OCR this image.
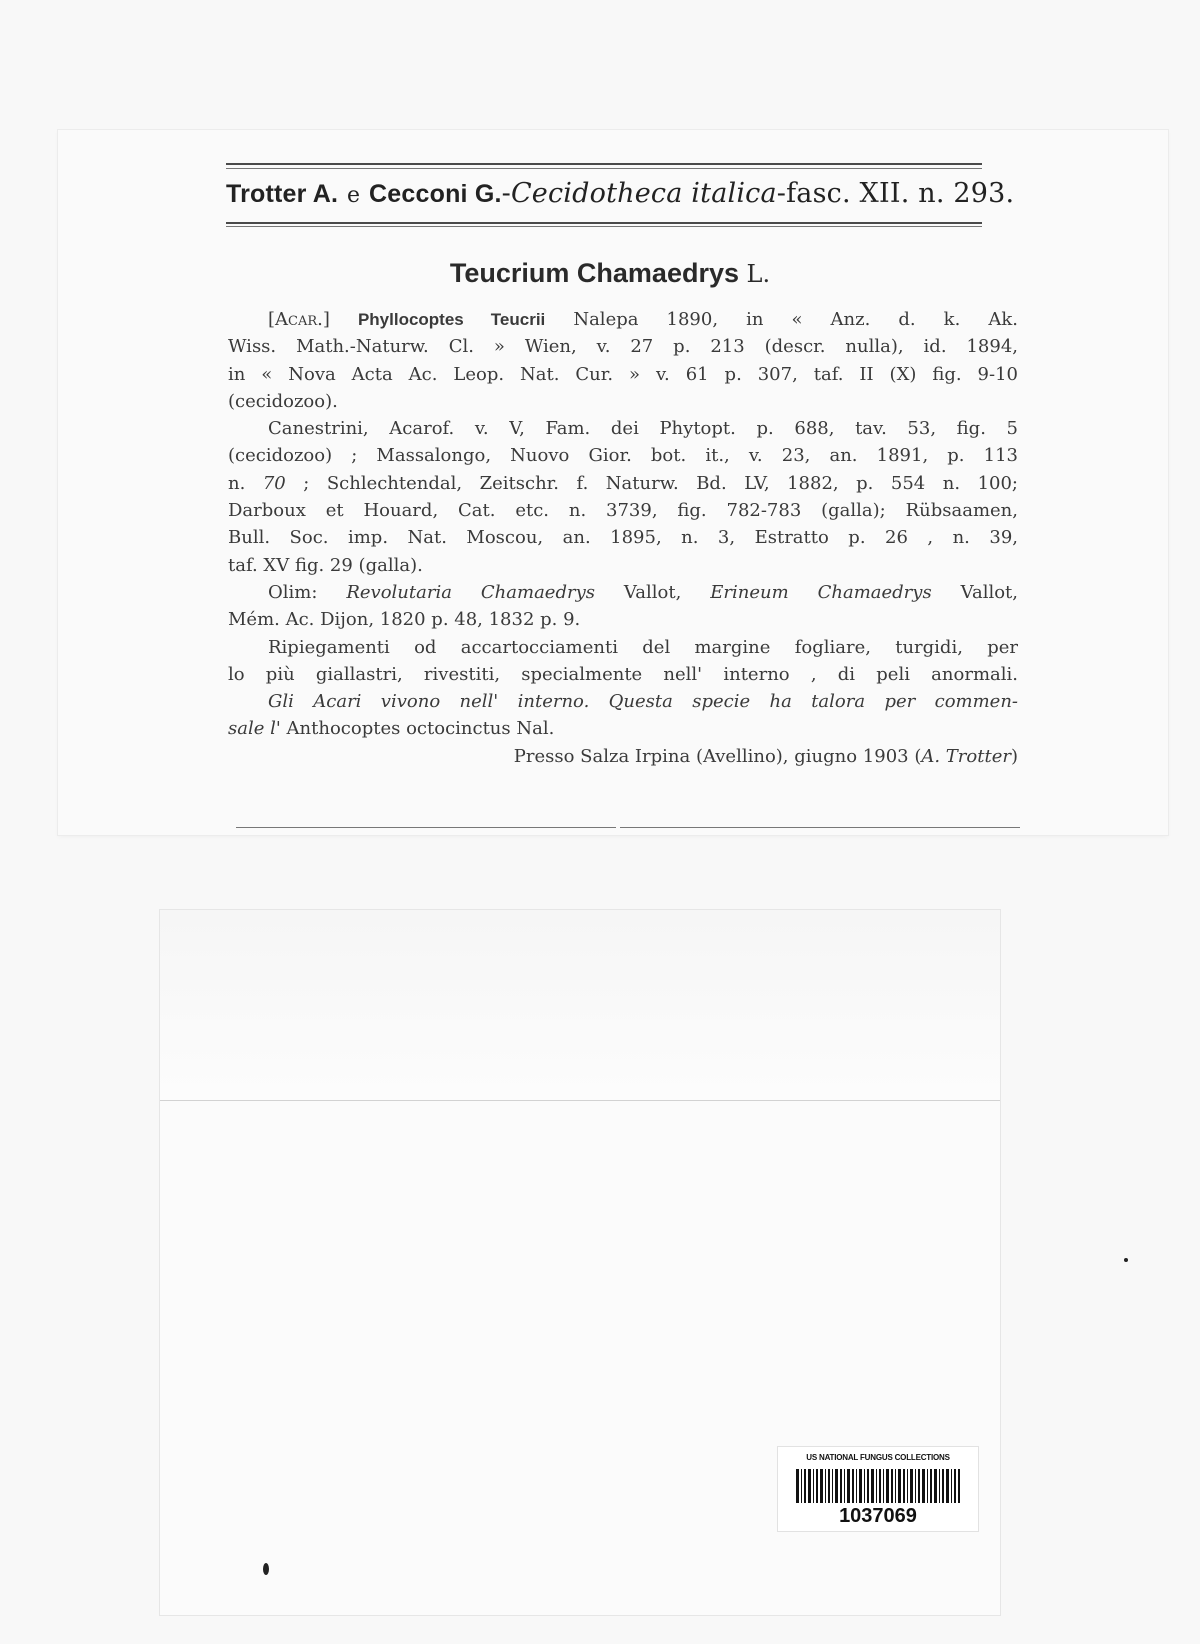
Trotter A. e Cecconi G.-Cecidotheca italica-fasc. XII. n. 293.
Teucrium Chamaedrys L.
[Acar.] Phyllocoptes Teucrii Nalepa 1890, in « Anz. d. k. Ak.
Wiss. Math.-Naturw. Cl. » Wien, v. 27 p. 213 (descr. nulla), id. 1894,
in « Nova Acta Ac. Leop. Nat. Cur. » v. 61 p. 307, taf. II (X) fig. 9-10
(cecidozoo).
Canestrini, Acarof. v. V, Fam. dei Phytopt. p. 688, tav. 53, fig. 5
(cecidozoo) ; Massalongo, Nuovo Gior. bot. it., v. 23, an. 1891, p. 113
n. 70 ; Schlechtendal, Zeitschr. f. Naturw. Bd. LV, 1882, p. 554 n. 100;
Darboux et Houard, Cat. etc. n. 3739, fig. 782-783 (galla); Rübsaamen,
Bull. Soc. imp. Nat. Moscou, an. 1895, n. 3, Estratto p. 26 , n. 39,
taf. XV fig. 29 (galla).
Olim: Revolutaria Chamaedrys Vallot, Erineum Chamaedrys Vallot,
Mém. Ac. Dijon, 1820 p. 48, 1832 p. 9.
Ripiegamenti od accartocciamenti del margine fogliare, turgidi, per
lo più giallastri, rivestiti, specialmente nell' interno , di peli anormali.
Gli Acari vivono nell' interno. Questa specie ha talora per commen-
sale l' Anthocoptes octocinctus Nal.
Presso Salza Irpina (Avellino), giugno 1903 (A. Trotter)
US NATIONAL FUNGUS COLLECTIONS
1037069
